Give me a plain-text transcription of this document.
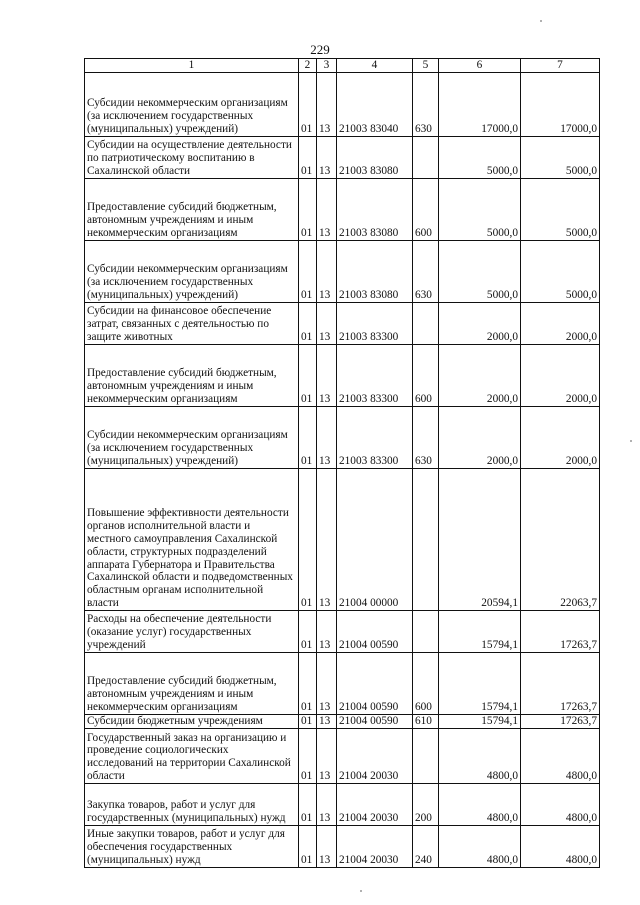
229
1	2	3	4	5	6	7
Субсидии некоммерческим организациям (за исключением государственных (муниципальных) учреждений)	01	13	21003 83040	630	17000,0	17000,0
Субсидии на осуществление деятельности по патриотическому воспитанию в Сахалинской области	01	13	21003 83080		5000,0	5000,0
Предоставление субсидий бюджетным, автономным учреждениям и иным некоммерческим организациям	01	13	21003 83080	600	5000,0	5000,0
Субсидии некоммерческим организациям (за исключением государственных (муниципальных) учреждений)	01	13	21003 83080	630	5000,0	5000,0
Субсидии на финансовое обеспечение затрат, связанных с деятельностью по защите животных	01	13	21003 83300		2000,0	2000,0
Предоставление субсидий бюджетным, автономным учреждениям и иным некоммерческим организациям	01	13	21003 83300	600	2000,0	2000,0
Субсидии некоммерческим организациям (за исключением государственных (муниципальных) учреждений)	01	13	21003 83300	630	2000,0	2000,0
Повышение эффективности деятельности органов исполнительной власти и местного самоуправления Сахалинской области, структурных подразделений аппарата Губернатора и Правительства Сахалинской области и подведомственных областным органам исполнительной власти	01	13	21004 00000		20594,1	22063,7
Расходы на обеспечение деятельности (оказание услуг) государственных учреждений	01	13	21004 00590		15794,1	17263,7
Предоставление субсидий бюджетным, автономным учреждениям и иным некоммерческим организациям	01	13	21004 00590	600	15794,1	17263,7
Субсидии бюджетным учреждениям	01	13	21004 00590	610	15794,1	17263,7
Государственный заказ на организацию и проведение социологических исследований на территории Сахалинской области	01	13	21004 20030		4800,0	4800,0
Закупка товаров, работ и услуг для государственных (муниципальных) нужд	01	13	21004 20030	200	4800,0	4800,0
Иные закупки товаров, работ и услуг для обеспечения государственных (муниципальных) нужд	01	13	21004 20030	240	4800,0	4800,0
